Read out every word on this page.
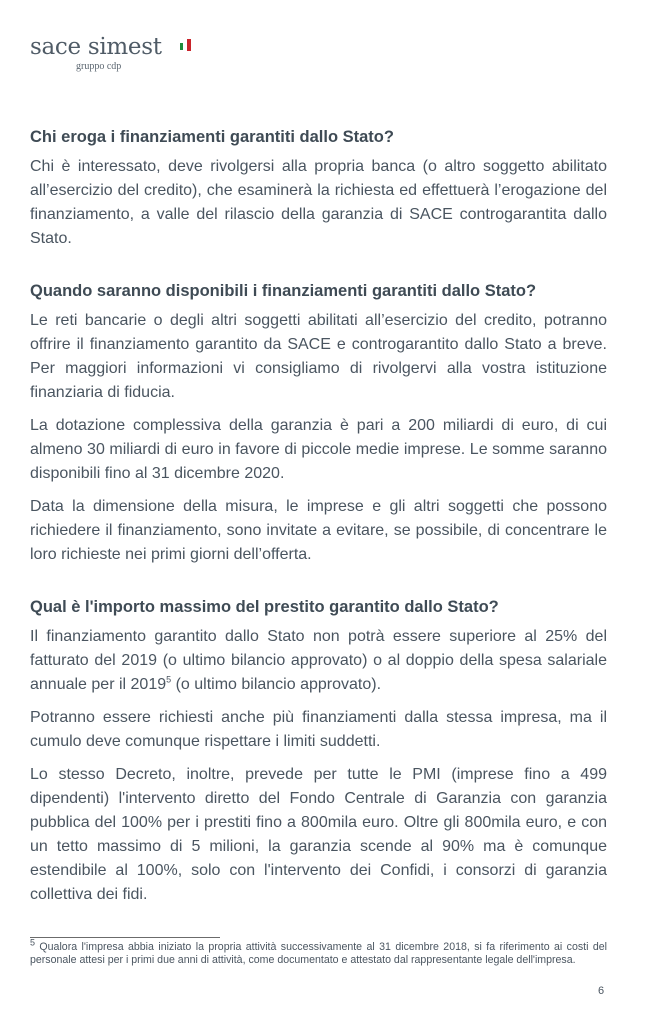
sace simest
gruppo cdp
Chi eroga i finanziamenti garantiti dallo Stato?

Chi è interessato, deve rivolgersi alla propria banca (o altro soggetto abilitato all’esercizio del credito), che esaminerà la richiesta ed effettuerà l’erogazione del finanziamento, a valle del rilascio della garanzia di SACE controgarantita dallo Stato.

Quando saranno disponibili i finanziamenti garantiti dallo Stato?

Le reti bancarie o degli altri soggetti abilitati all’esercizio del credito, potranno offrire il finanziamento garantito da SACE e controgarantito dallo Stato a breve. Per maggiori informazioni vi consigliamo di rivolgervi alla vostra istituzione finanziaria di fiducia.

La dotazione complessiva della garanzia è pari a 200 miliardi di euro, di cui almeno 30 miliardi di euro in favore di piccole medie imprese. Le somme saranno disponibili fino al 31 dicembre 2020.

Data la dimensione della misura, le imprese e gli altri soggetti che possono richiedere il finanziamento, sono invitate a evitare, se possibile, di concentrare le loro richieste nei primi giorni dell’offerta.

Qual è l'importo massimo del prestito garantito dallo Stato?

Il finanziamento garantito dallo Stato non potrà essere superiore al 25% del fatturato del 2019 (o ultimo bilancio approvato) o al doppio della spesa salariale annuale per il 2019$^5$ (o ultimo bilancio approvato).

Potranno essere richiesti anche più finanziamenti dalla stessa impresa, ma il cumulo deve comunque rispettare i limiti suddetti.

Lo stesso Decreto, inoltre, prevede per tutte le PMI (imprese fino a 499 dipendenti) l'intervento diretto del Fondo Centrale di Garanzia con garanzia pubblica del 100% per i prestiti fino a 800mila euro. Oltre gli 800mila euro, e con un tetto massimo di 5 milioni, la garanzia scende al 90% ma è comunque estendibile al 100%, solo con l'intervento dei Confidi, i consorzi di garanzia collettiva dei fidi.

$^5$ Qualora l'impresa abbia iniziato la propria attività successivamente al 31 dicembre 2018, si fa riferimento ai costi del personale attesi per i primi due anni di attività, come documentato e attestato dal rappresentante legale dell'impresa.
6
